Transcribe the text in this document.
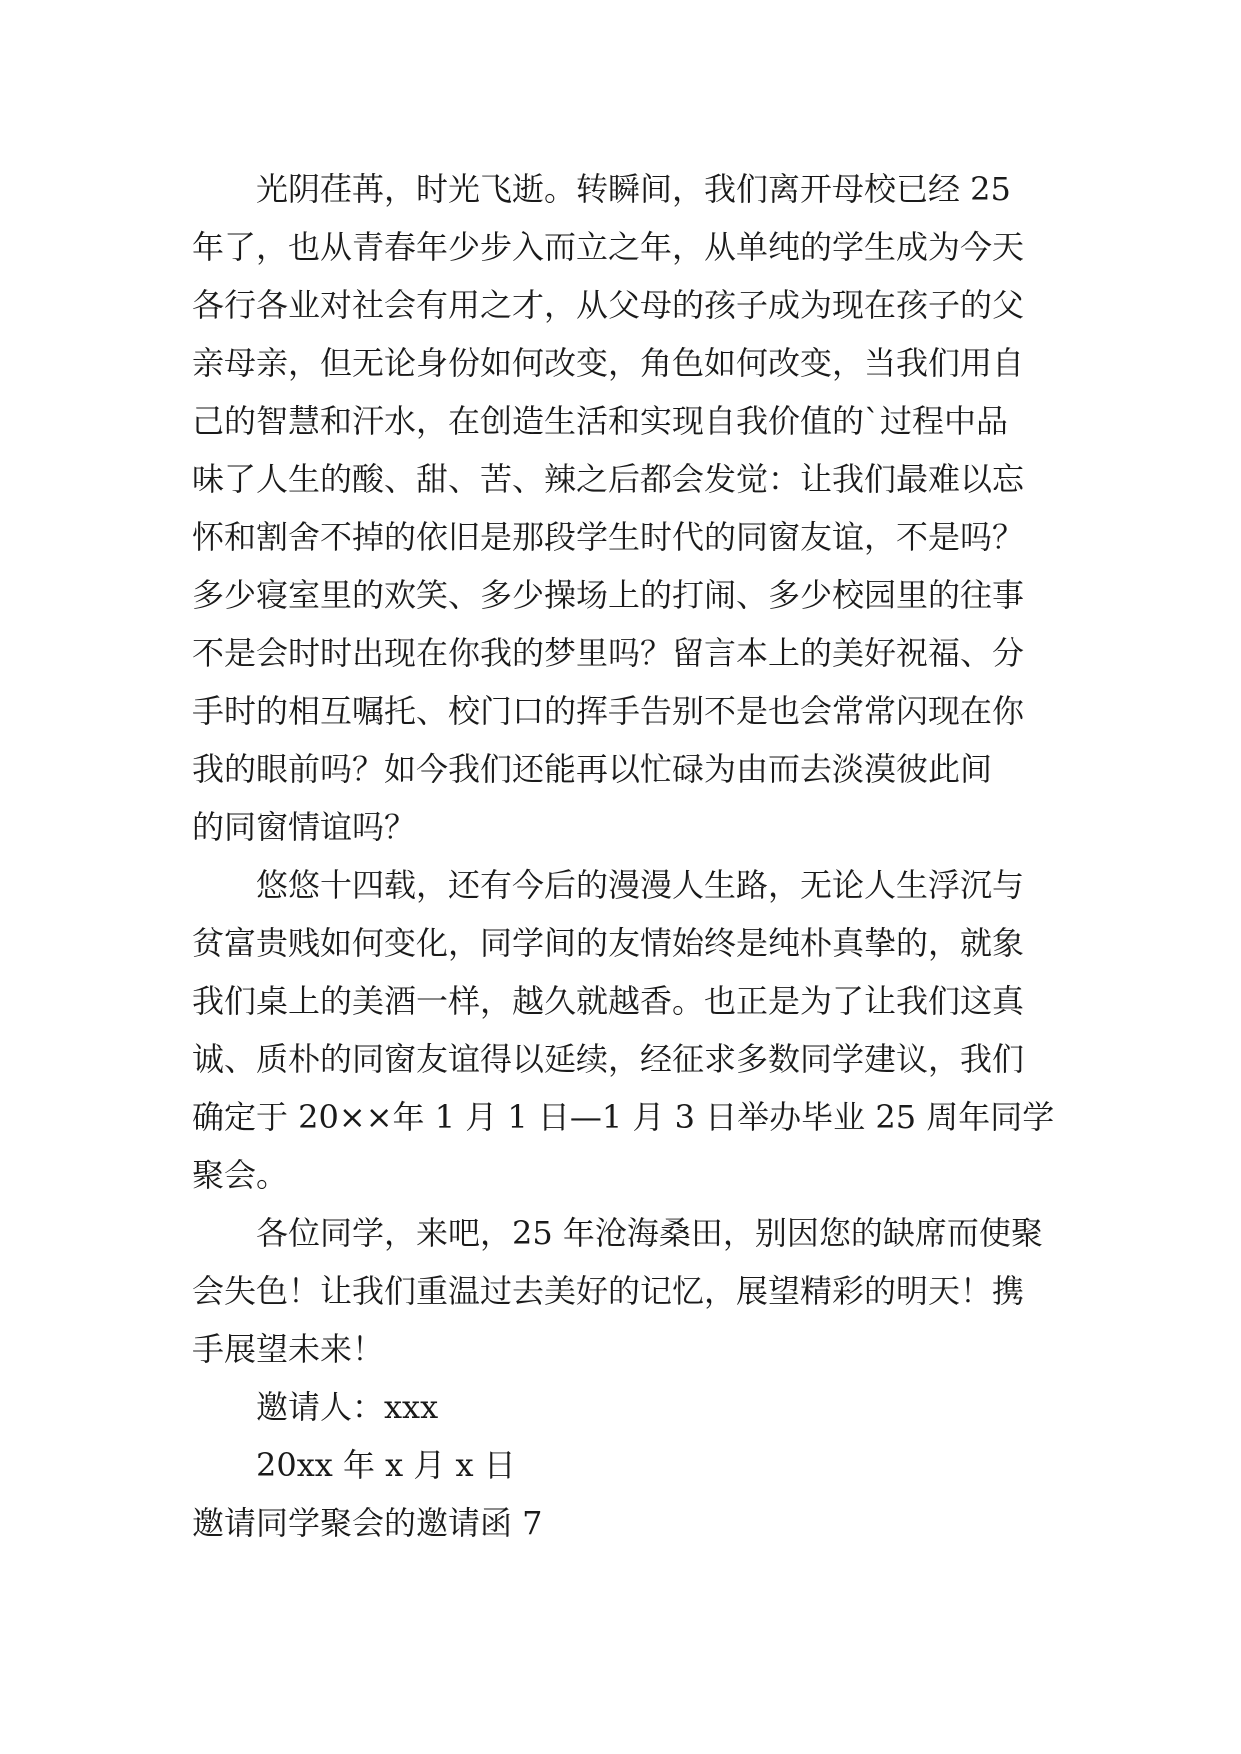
光阴荏苒，时光飞逝。转瞬间，我们离开母校已经 25
年了，也从青春年少步入而立之年，从单纯的学生成为今天
各行各业对社会有用之才，从父母的孩子成为现在孩子的父
亲母亲，但无论身份如何改变，角色如何改变，当我们用自
己的智慧和汗水，在创造生活和实现自我价值的`过程中品
味了人生的酸、甜、苦、辣之后都会发觉：让我们最难以忘
怀和割舍不掉的依旧是那段学生时代的同窗友谊，不是吗？
多少寝室里的欢笑、多少操场上的打闹、多少校园里的往事
不是会时时出现在你我的梦里吗？留言本上的美好祝福、分
手时的相互嘱托、校门口的挥手告别不是也会常常闪现在你
我的眼前吗？如今我们还能再以忙碌为由而去淡漠彼此间
的同窗情谊吗？
悠悠十四载，还有今后的漫漫人生路，无论人生浮沉与
贫富贵贱如何变化，同学间的友情始终是纯朴真挚的，就象
我们桌上的美酒一样，越久就越香。也正是为了让我们这真
诚、质朴的同窗友谊得以延续，经征求多数同学建议，我们
确定于 20××年 1 月 1 日—1 月 3 日举办毕业 25 周年同学
聚会。
各位同学，来吧，25 年沧海桑田，别因您的缺席而使聚
会失色！让我们重温过去美好的记忆，展望精彩的明天！携
手展望未来！
邀请人：xxx
20xx 年 x 月 x 日
邀请同学聚会的邀请函 7
